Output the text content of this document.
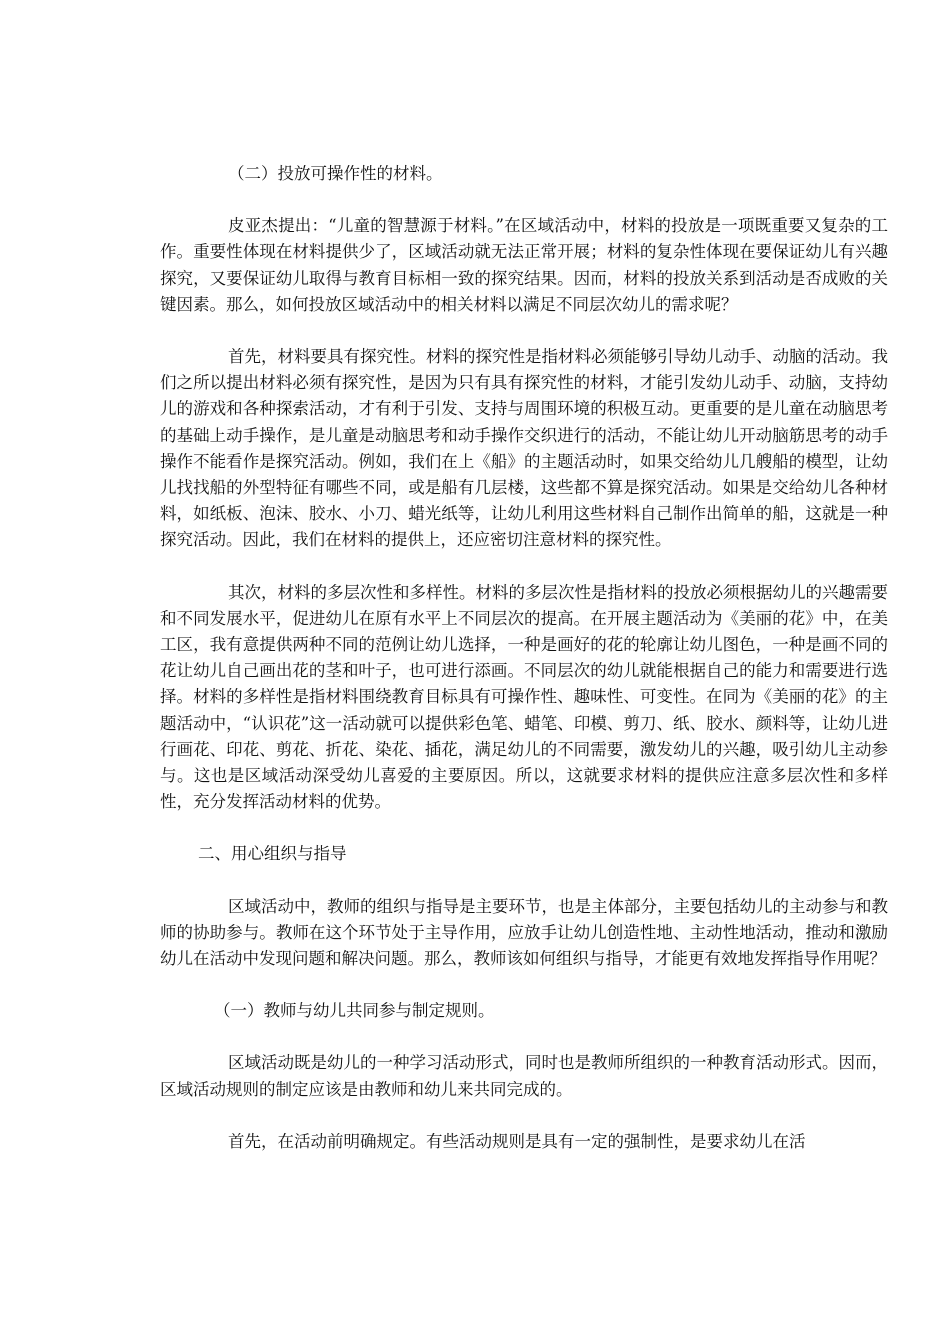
（二）投放可操作性的材料。

皮亚杰提出：“儿童的智慧源于材料。”在区域活动中，材料的投放是一项既重要又复杂的工作。重要性体现在材料提供少了，区域活动就无法正常开展；材料的复杂性体现在要保证幼儿有兴趣探究，又要保证幼儿取得与教育目标相一致的探究结果。因而，材料的投放关系到活动是否成败的关键因素。那么，如何投放区域活动中的相关材料以满足不同层次幼儿的需求呢？

首先，材料要具有探究性。材料的探究性是指材料必须能够引导幼儿动手、动脑的活动。我们之所以提出材料必须有探究性，是因为只有具有探究性的材料，才能引发幼儿动手、动脑，支持幼儿的游戏和各种探索活动，才有利于引发、支持与周围环境的积极互动。更重要的是儿童在动脑思考的基础上动手操作，是儿童是动脑思考和动手操作交织进行的活动，不能让幼儿开动脑筋思考的动手操作不能看作是探究活动。例如，我们在上《船》的主题活动时，如果交给幼儿几艘船的模型，让幼儿找找船的外型特征有哪些不同，或是船有几层楼，这些都不算是探究活动。如果是交给幼儿各种材料，如纸板、泡沫、胶水、小刀、蜡光纸等，让幼儿利用这些材料自己制作出简单的船，这就是一种探究活动。因此，我们在材料的提供上，还应密切注意材料的探究性。

其次，材料的多层次性和多样性。材料的多层次性是指材料的投放必须根据幼儿的兴趣需要和不同发展水平，促进幼儿在原有水平上不同层次的提高。在开展主题活动为《美丽的花》中，在美工区，我有意提供两种不同的范例让幼儿选择，一种是画好的花的轮廓让幼儿图色，一种是画不同的花让幼儿自己画出花的茎和叶子，也可进行添画。不同层次的幼儿就能根据自己的能力和需要进行选择。材料的多样性是指材料围绕教育目标具有可操作性、趣味性、可变性。在同为《美丽的花》的主题活动中，“认识花”这一活动就可以提供彩色笔、蜡笔、印模、剪刀、纸、胶水、颜料等，让幼儿进行画花、印花、剪花、折花、染花、插花，满足幼儿的不同需要，激发幼儿的兴趣，吸引幼儿主动参与。这也是区域活动深受幼儿喜爱的主要原因。所以，这就要求材料的提供应注意多层次性和多样性，充分发挥活动材料的优势。

二、用心组织与指导

区域活动中，教师的组织与指导是主要环节，也是主体部分，主要包括幼儿的主动参与和教师的协助参与。教师在这个环节处于主导作用，应放手让幼儿创造性地、主动性地活动，推动和激励幼儿在活动中发现问题和解决问题。那么，教师该如何组织与指导，才能更有效地发挥指导作用呢？

（一）教师与幼儿共同参与制定规则。

区域活动既是幼儿的一种学习活动形式，同时也是教师所组织的一种教育活动形式。因而，区域活动规则的制定应该是由教师和幼儿来共同完成的。

首先，在活动前明确规定。有些活动规则是具有一定的强制性，是要求幼儿在活
